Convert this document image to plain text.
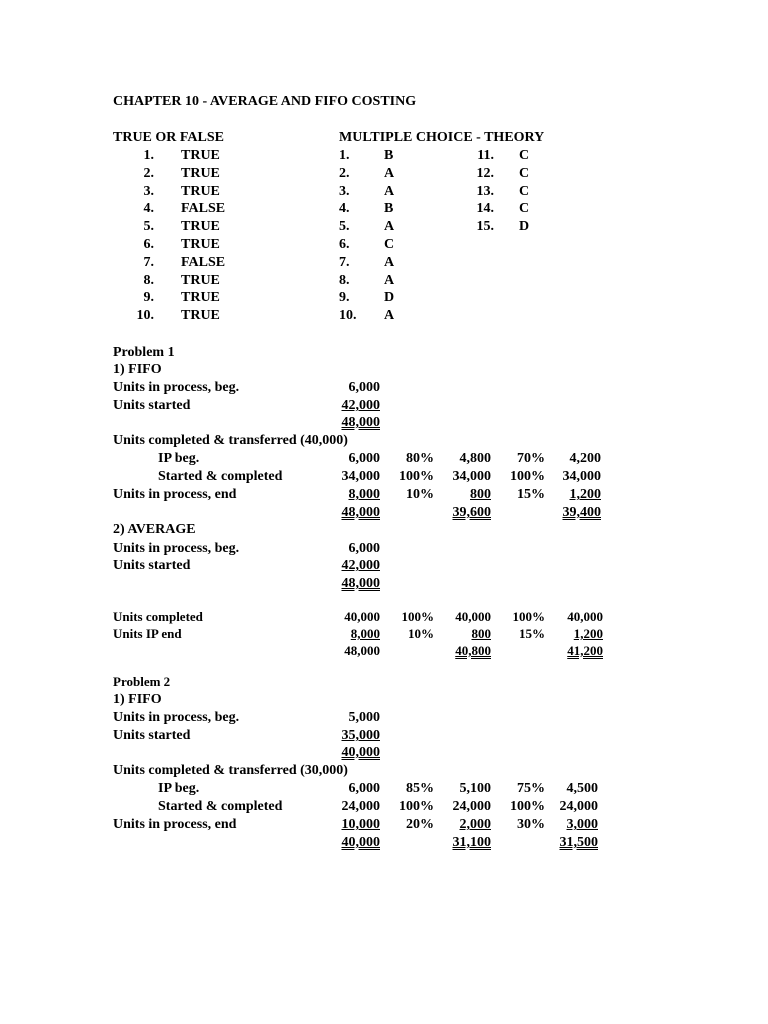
CHAPTER 10 - AVERAGE AND FIFO COSTING
TRUE OR FALSE	MULTIPLE CHOICE - THEORY
1. TRUE
2. TRUE
3. TRUE
4. FALSE
5. TRUE
6. TRUE
7. FALSE
8. TRUE
9. TRUE
10. TRUE
1. B
2. A
3. A
4. B
5. A
6. C
7. A
8. A
9. D
10. A
11. C
12. C
13. C
14. C
15. D
Problem 1
1) FIFO
Units in process, beg.	6,000
Units started	42,000
48,000
Units completed & transferred (40,000)
IP beg.	6,000 80% 4,800 70% 4,200
Started & completed	34,000 100% 34,000 100% 34,000
Units in process, end	8,000 10%	800 15%	1,200
48,000	39,600	39,400
2) AVERAGE
Units in process, beg.	6,000
Units started	42,000
48,000
Units completed	40,000 100% 40,000 100% 40,000
Units IP end	8,000 10%	800 15%	1,200
48,000	40,800	41,200
Problem 2
1) FIFO
Units in process, beg.	5,000
Units started	35,000
40,000
Units completed & transferred (30,000)
IP beg.	6,000 85% 5,100 75% 4,500
Started & completed	24,000 100% 24,000 100% 24,000
Units in process, end	10,000 20%	2,000 30%	3,000
40,000	31,100	31,500
